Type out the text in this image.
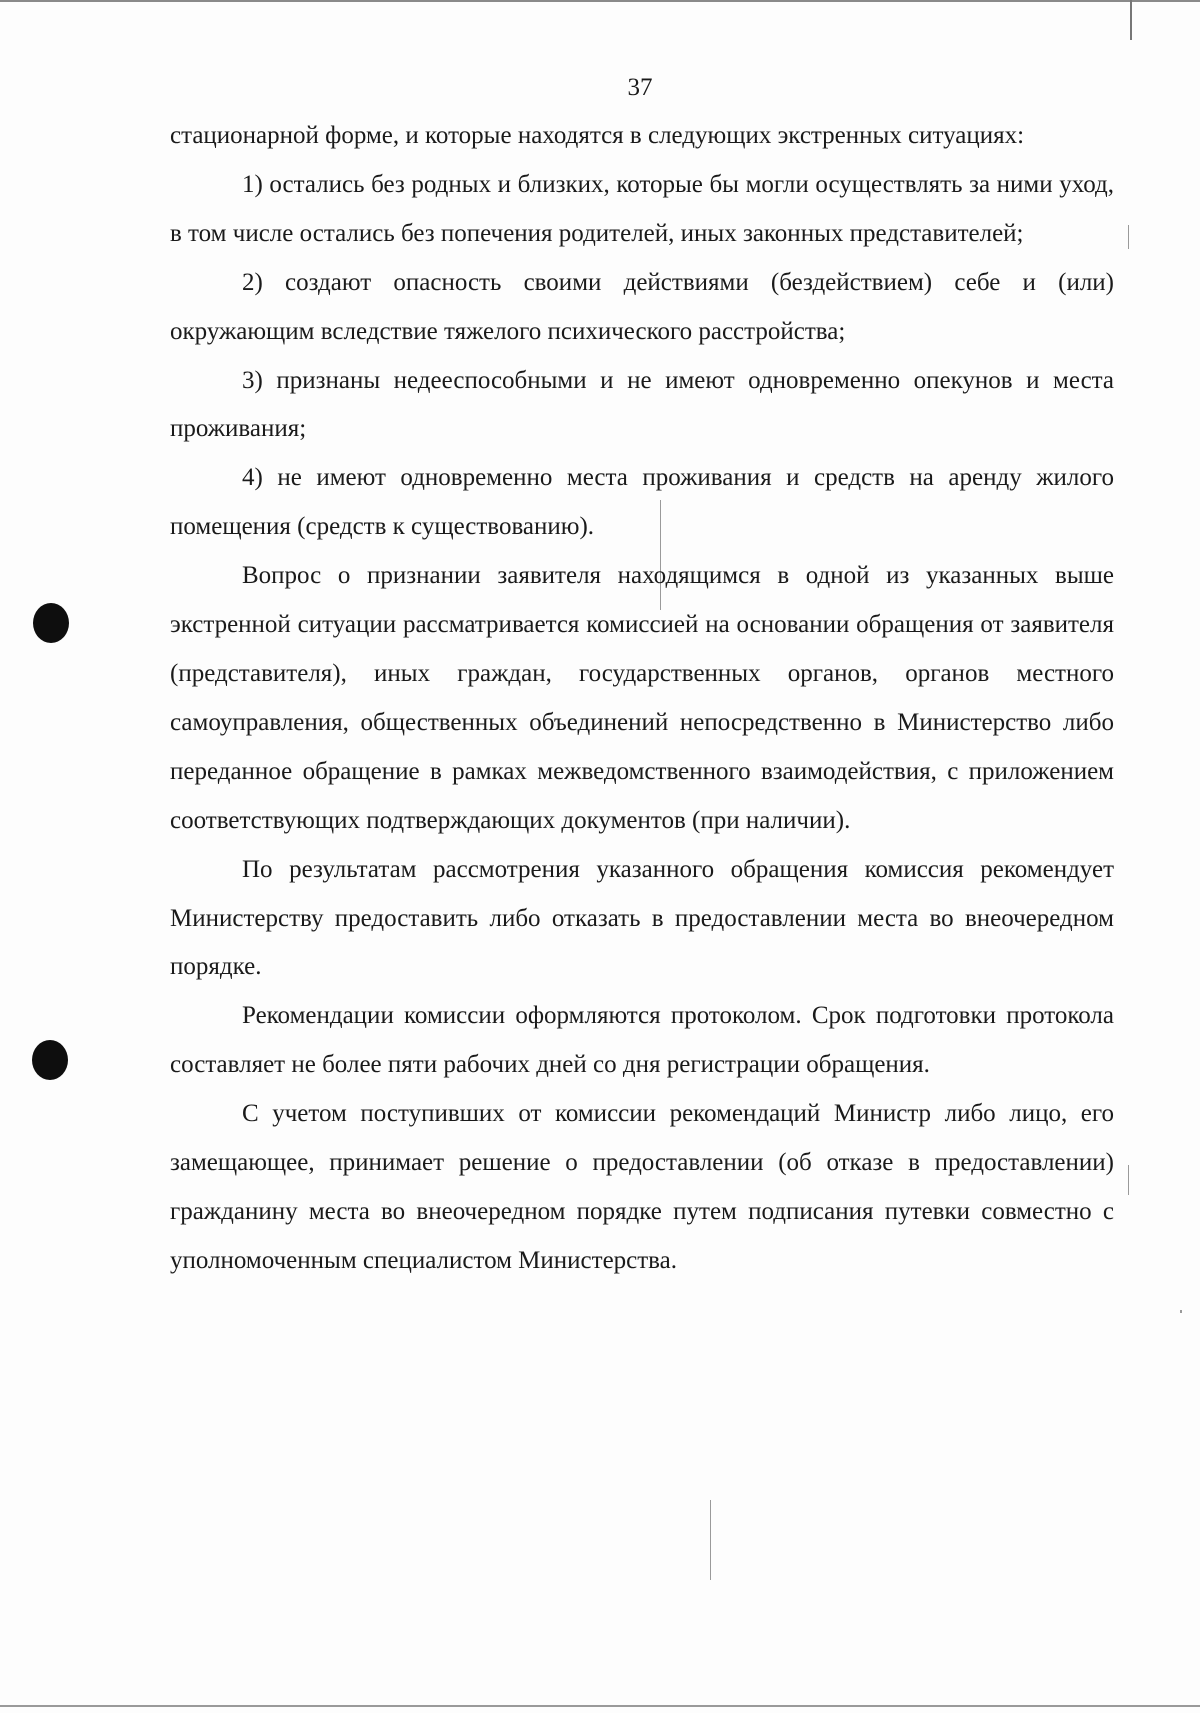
37

стационарной форме, и которые находятся в следующих экстренных ситуациях:

1) остались без родных и близких, которые бы могли осуществлять за ними уход, в том числе остались без попечения родителей, иных законных представителей;

2) создают опасность своими действиями (бездействием) себе и (или) окружающим вследствие тяжелого психического расстройства;

3) признаны недееспособными и не имеют одновременно опекунов и места проживания;

4) не имеют одновременно места проживания и средств на аренду жилого помещения (средств к существованию).

Вопрос о признании заявителя находящимся в одной из указанных выше экстренной ситуации рассматривается комиссией на основании обращения от заявителя (представителя), иных граждан, государственных органов, органов местного самоуправления, общественных объединений непосредственно в Министерство либо переданное обращение в рамках межведомственного взаимодействия, с приложением соответствующих подтверждающих документов (при наличии).

По результатам рассмотрения указанного обращения комиссия рекомендует Министерству предоставить либо отказать в предоставлении места во внеочередном порядке.

Рекомендации комиссии оформляются протоколом. Срок подготовки протокола составляет не более пяти рабочих дней со дня регистрации обращения.

С учетом поступивших от комиссии рекомендаций Министр либо лицо, его замещающее, принимает решение о предоставлении (об отказе в предоставлении) гражданину места во внеочередном порядке путем подписания путевки совместно с уполномоченным специалистом Министерства.
